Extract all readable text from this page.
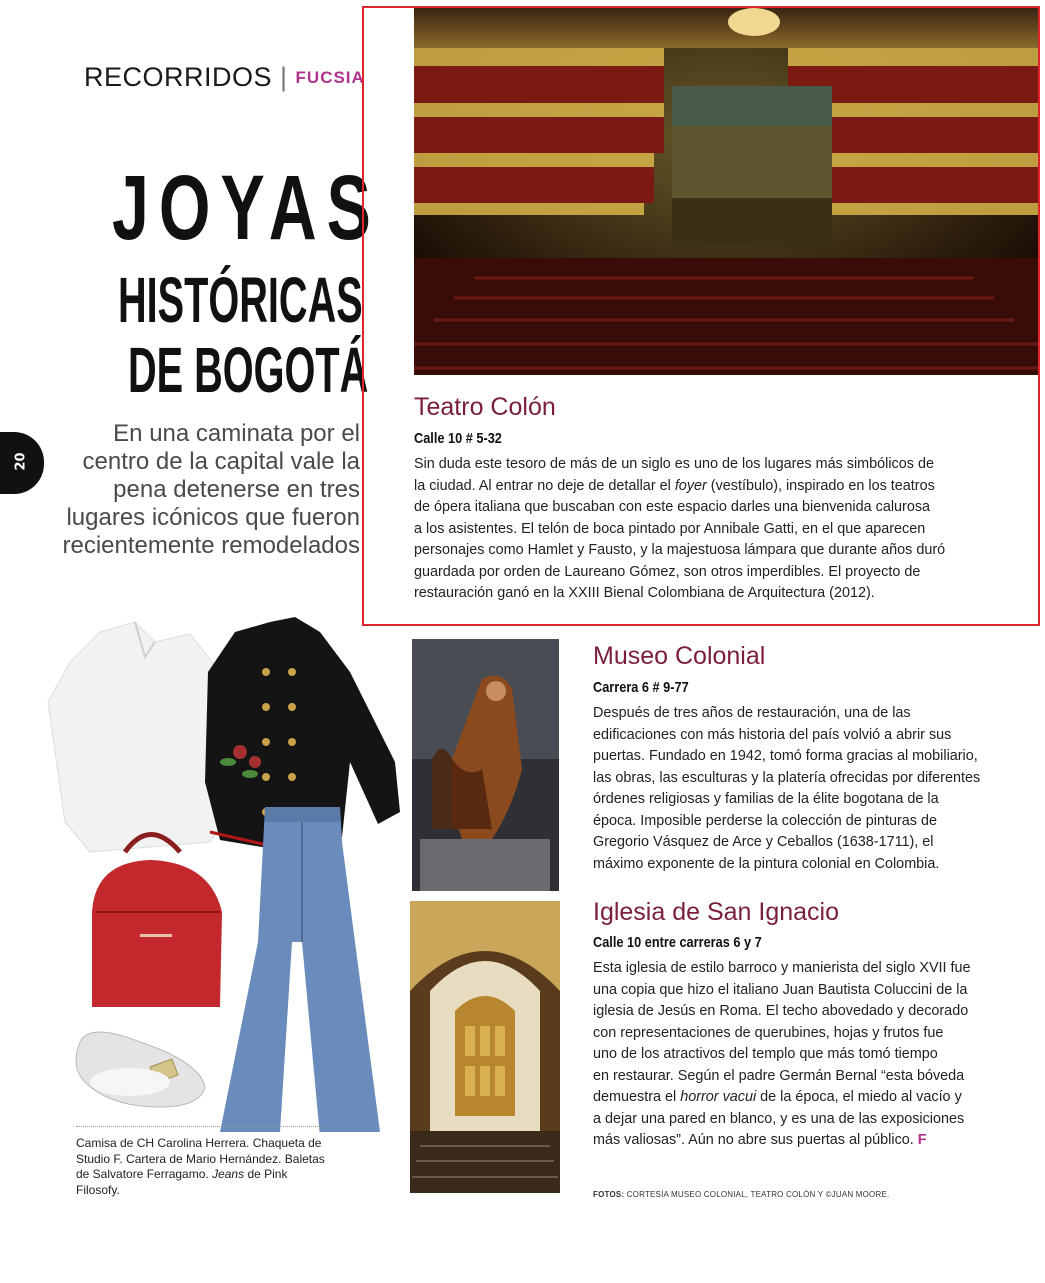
RECORRIDOS | FUCSIA
JOYAS
HISTÓRICAS
DE BOGOTÁ
En una caminata por el centro de la capital vale la pena detenerse en tres lugares icónicos que fueron recientemente remodelados
20
Teatro Colón
Calle 10 # 5-32

Sin duda este tesoro de más de un siglo es uno de los lugares más simbólicos de

la ciudad. Al entrar no deje de detallar el foyer (vestíbulo), inspirado en los teatros

de ópera italiana que buscaban con este espacio darles una bienvenida calurosa

a los asistentes. El telón de boca pintado por Annibale Gatti, en el que aparecen

personajes como Hamlet y Fausto, y la majestuosa lámpara que durante años duró

guardada por orden de Laureano Gómez, son otros imperdibles. El proyecto de

restauración ganó en la XXIII Bienal Colombiana de Arquitectura (2012).

Museo Colonial
Carrera 6 # 9-77

Después de tres años de restauración, una de las

edificaciones con más historia del país volvió a abrir sus

puertas. Fundado en 1942, tomó forma gracias al mobiliario,

las obras, las esculturas y la platería ofrecidas por diferentes

órdenes religiosas y familias de la élite bogotana de la

época. Imposible perderse la colección de pinturas de

Gregorio Vásquez de Arce y Ceballos (1638-1711), el

máximo exponente de la pintura colonial en Colombia.

Iglesia de San Ignacio
Calle 10 entre carreras 6 y 7

Esta iglesia de estilo barroco y manierista del siglo XVII fue

una copia que hizo el italiano Juan Bautista Coluccini de la

iglesia de Jesús en Roma. El techo abovedado y decorado

con representaciones de querubines, hojas y frutos fue

uno de los atractivos del templo que más tomó tiempo

en restaurar. Según el padre Germán Bernal “esta bóveda

demuestra el horror vacui de la época, el miedo al vacío y

a dejar una pared en blanco, y es una de las exposiciones

más valiosas”. Aún no abre sus puertas al público. F

Camisa de CH Carolina Herrera. Chaqueta de Studio F. Cartera de Mario Hernández. Baletas de Salvatore Ferragamo. Jeans de Pink Filosofy.	FOTOS: CORTESÍA MUSEO COLONIAL, TEATRO COLÓN Y ©JUAN MOORE.
